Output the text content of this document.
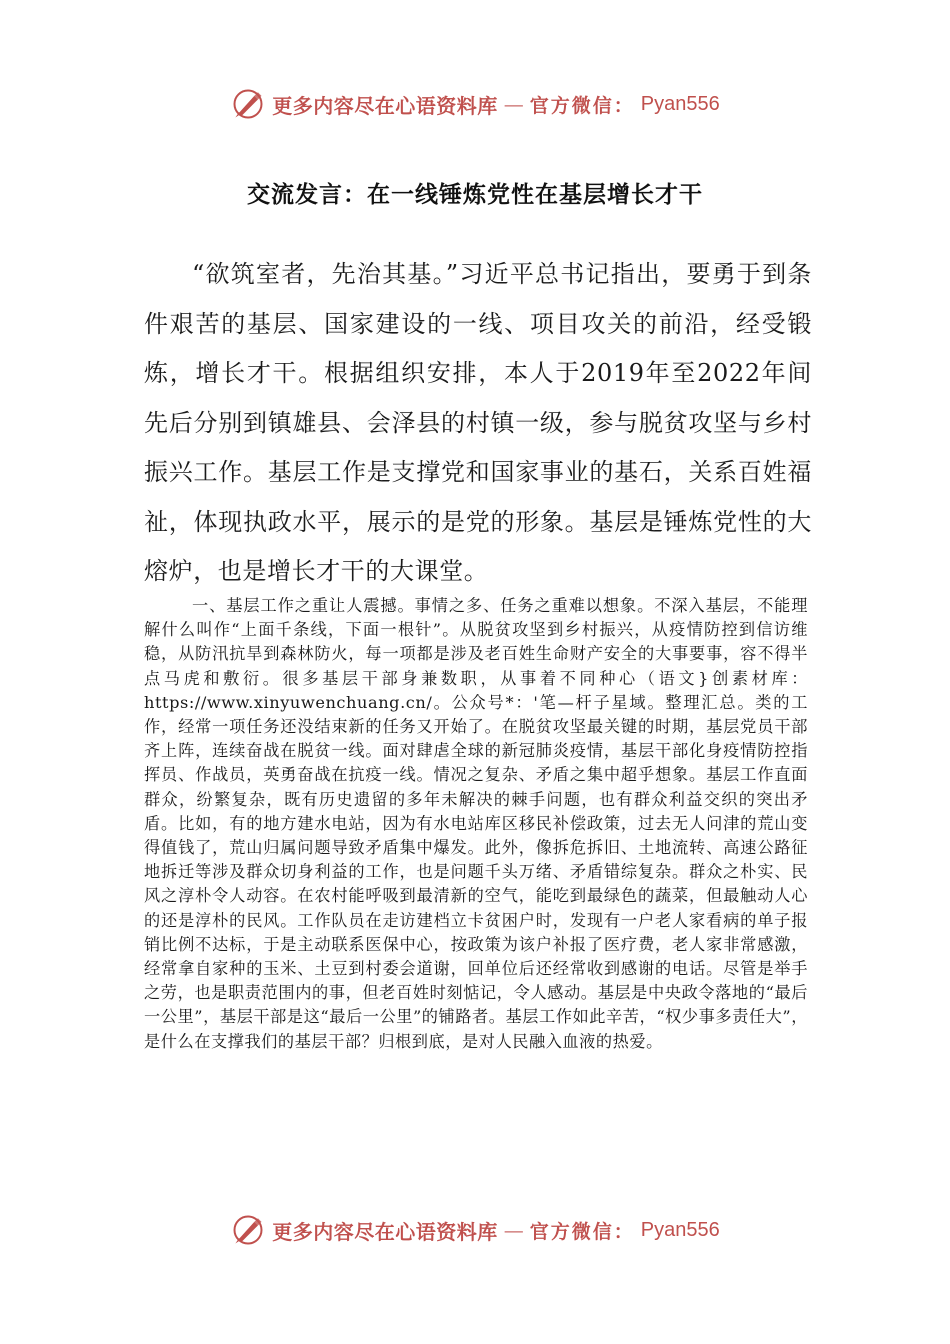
更多内容尽在心语资料库 — 官方微信： Pyan556
交流发言：在一线锤炼党性在基层增长才干
“欲筑室者，先治其基。”习近平总书记指出，要勇于到条件艰苦的基层、国家建设的一线、项目攻关的前沿，经受锻炼，增长才干。根据组织安排，本人于2019年至2022年间先后分别到镇雄县、会泽县的村镇一级，参与脱贫攻坚与乡村振兴工作。基层工作是支撑党和国家事业的基石，关系百姓福祉，体现执政水平，展示的是党的形象。基层是锤炼党性的大熔炉，也是增长才干的大课堂。
一、基层工作之重让人震撼。事情之多、任务之重难以想象。不深入基层，不能理解什么叫作“上面千条线，下面一根针”。从脱贫攻坚到乡村振兴，从疫情防控到信访维稳，从防汛抗旱到森林防火，每一项都是涉及老百姓生命财产安全的大事要事，容不得半点马虎和敷衍。很多基层干部身兼数职，从事着不同种心（语文}创素材库：https://www.xinyuwenchuang.cn/。公众号*：'笔—杆子星域。整理汇总。类的工作，经常一项任务还没结束新的任务又开始了。在脱贫攻坚最关键的时期，基层党员干部齐上阵，连续奋战在脱贫一线。面对肆虐全球的新冠肺炎疫情，基层干部化身疫情防控指挥员、作战员，英勇奋战在抗疫一线。情况之复杂、矛盾之集中超乎想象。基层工作直面群众，纷繁复杂，既有历史遗留的多年未解决的棘手问题，也有群众利益交织的突出矛盾。比如，有的地方建水电站，因为有水电站库区移民补偿政策，过去无人问津的荒山变得值钱了，荒山归属问题导致矛盾集中爆发。此外，像拆危拆旧、土地流转、高速公路征地拆迁等涉及群众切身利益的工作，也是问题千头万绪、矛盾错综复杂。群众之朴实、民风之淳朴令人动容。在农村能呼吸到最清新的空气，能吃到最绿色的蔬菜，但最触动人心的还是淳朴的民风。工作队员在走访建档立卡贫困户时，发现有一户老人家看病的单子报销比例不达标，于是主动联系医保中心，按政策为该户补报了医疗费，老人家非常感激，经常拿自家种的玉米、土豆到村委会道谢，回单位后还经常收到感谢的电话。尽管是举手之劳，也是职责范围内的事，但老百姓时刻惦记，令人感动。基层是中央政令落地的“最后一公里”，基层干部是这“最后一公里”的铺路者。基层工作如此辛苦，“权少事多责任大”，是什么在支撑我们的基层干部？归根到底，是对人民融入血液的热爱。
更多内容尽在心语资料库 — 官方微信： Pyan556
